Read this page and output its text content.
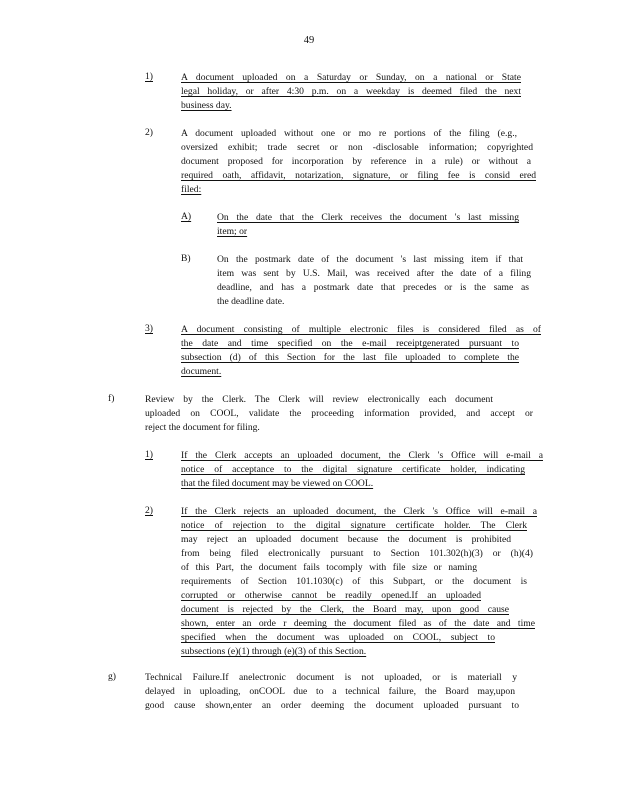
49
1)	A document uploaded on a Saturday or Sunday, on a national or State
legal holiday, or after 4:30 p.m. on a weekday is deemed filed the next
business day.
2)	A document uploaded without one or mo re portions of the filing (e.g.,
oversized exhibit; trade secret or non -disclosable information; copyrighted
document proposed for incorporation by reference in a rule) or without a
required oath, affidavit, notarization, signature, or filing fee is consid ered
filed:
A)	On the date that the Clerk receives the document 's last missing
item; or
B)	On the postmark date of the document 's last missing item if that
item was sent by U.S. Mail, was received after the date of a filing
deadline, and has a postmark date that precedes or is the same as
the deadline date.
3)	A document consisting of multiple electronic files is considered filed as of
the date and time specified on the e-mail receiptgenerated pursuant to
subsection (d) of this Section for the last file uploaded to complete the
document.
f)	Review by the Clerk. The Clerk will review electronically each document
uploaded on COOL, validate the proceeding information provided, and accept or
reject the document for filing.
1)	If the Clerk accepts an uploaded document, the Clerk 's Office will e-mail a
notice of acceptance to the digital signature certificate holder, indicating
that the filed document may be viewed on COOL.
2)	If the Clerk rejects an uploaded document, the Clerk 's Office will e-mail a
notice of rejection to the digital signature certificate holder. The Clerk
may reject an uploaded document because the document is prohibited
from being filed electronically pursuant to Section 101.302(h)(3) or (h)(4)
of this Part, the document fails tocomply with file size or naming
requirements of Section 101.1030(c) of this Subpart, or the document is
corrupted or otherwise cannot be readily opened.If an uploaded
document is rejected by the Clerk, the Board may, upon good cause
shown, enter an orde r deeming the document filed as of the date and time
specified when the document was uploaded on COOL, subject to
subsections (e)(1) through (e)(3) of this Section.
g)	Technical Failure.If anelectronic document is not uploaded, or is materiall y
delayed in uploading, onCOOL due to a technical failure, the Board may,upon
good cause shown,enter an order deeming the document uploaded pursuant to
